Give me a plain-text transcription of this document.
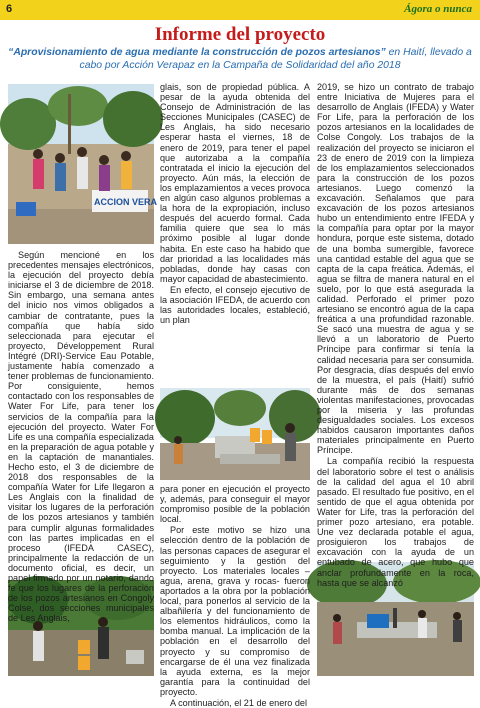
6	Ágora o nunca
Informe del proyecto
“Aprovisionamiento de agua mediante la construcción de pozos artesianos” en Haití, llevado a cabo por Acción Verapaz en la Campaña de Solidaridad del año 2018
ACCION VERA

Según mencioné en los precedentes mensajes electrónicos, la ejecución del proyecto debía iniciarse el 3 de diciembre de 2018. Sin embargo, una semana antes del inicio nos vimos obligados a cambiar de contratante, pues la compañía que había sido seleccionada para ejecutar el proyecto, Développement Rural Intégré (DRI)-Service Eau Potable, justamente había comenzado a tener problemas de funcionamiento. Por consiguiente, hemos contactado con los responsables de Water For Life, para tener los servicios de la compañía para la ejecución del proyecto. Water For Life es una compañía especializada en la preparación de agua potable y en la captación de manantiales. Hecho esto, el 3 de diciembre de 2018 dos responsables de la compañía Water for Life llegaron a Les Anglais con la finalidad de visitar los lugares de la perforación de los pozos artesianos y también para cumplir algunas formalidades con las partes implicadas en el proceso (IFEDA CASEC), principalmente la redacción de un documento oficial, es decir, un papel firmado por un notario, dando fe que los lugares de la perforación de los pozos artesianos en Congoly Colse, dos secciones municipales de Les Anglais,

glais, son de propiedad pública. A pesar de la ayuda obtenida del Consejo de Administración de las Secciones Municipales (CASEC) de Les Anglais, ha sido necesario esperar hasta el viernes, 18 de enero de 2019, para tener el papel que autorizaba a la compañía contratada el inicio la ejecución del proyecto. Aún más, la elección de los emplazamientos a veces provoca en algún caso algunos problemas a la hora de la expropiación, incluso después del acuerdo formal. Cada familia quiere que sea lo más próximo posible al lugar donde habita. En este caso ha habido que dar prioridad a las localidades más pobladas, donde hay casas con mayor capacidad de abastecimiento.

En efecto, el consejo ejecutivo de la asociación IFEDA, de acuerdo con las autoridades locales, estableció, un plan

para poner en ejecución el proyecto y, además, para conseguir el mayor compromiso posible de la población local.

Por este motivo se hizo una selección dentro de la población de las personas capaces de asegurar el seguimiento y la gestión del proyecto. Los materiales locales – agua, arena, grava y rocas- fueron aportados a la obra por la población local, para ponerlos al servicio de la albañilería y del funcionamiento de los elementos hidráulicos, como la bomba manual. La implicación de la población en el desarrollo del proyecto y su compromiso de encargarse de él una vez finalizada la ayuda externa, es la mejor garantía para la continuidad del proyecto.

A continuación, el 21 de enero del

2019, se hizo un contrato de trabajo entre Iniciativa de Mujeres para el desarrollo de Anglais (IFEDA) y Water For Life, para la perforación de los pozos artesianos en la localidades de Colse Congoly. Los trabajos de la realización del proyecto se iniciaron el 23 de enero de 2019 con la limpieza de los emplazamientos seleccionados para la construcción de los pozos artesianos. Luego comenzó la excavación. Señalamos que para excavación de los pozos artesianos hubo un entendimiento entre IFEDA y la compañía para optar por la mayor hondura, porque este sistema, dotado de una bomba sumergible, favorece una cantidad estable del agua que se capta de la capa freática. Además, el agua se filtra de manera natural en el suelo, por lo que está asegurada la calidad. Perforado el primer pozo artesiano se encontró agua de la capa freática a una profundidad razonable. Se sacó una muestra de agua y se llevó a un laboratorio de Puerto Príncipe para confirmar si tenía la calidad necesaria para ser consumida. Por desgracia, días después del envío de la muestra, el país (Haití) sufrió durante más de dos semanas violentas manifestaciones, provocadas por la miseria y las profundas desigualdades sociales. Los excesos habidos causaron importantes daños materiales principalmente en Puerto Príncipe.

La compañía recibió la respuesta del laboratorio sobre el test o análisis de la calidad del agua el 10 abril pasado. El resultado fue positivo, en el sentido de que el agua obtenida por Water for Life, tras la perforación del primer pozo artesiano, era potable. Une vez declarada potable el agua, prosiguieron los trabajos de excavación con la ayuda de un entubado de acero, que hubo que anclar profundamente en la roca, hasta que se alcanzó
